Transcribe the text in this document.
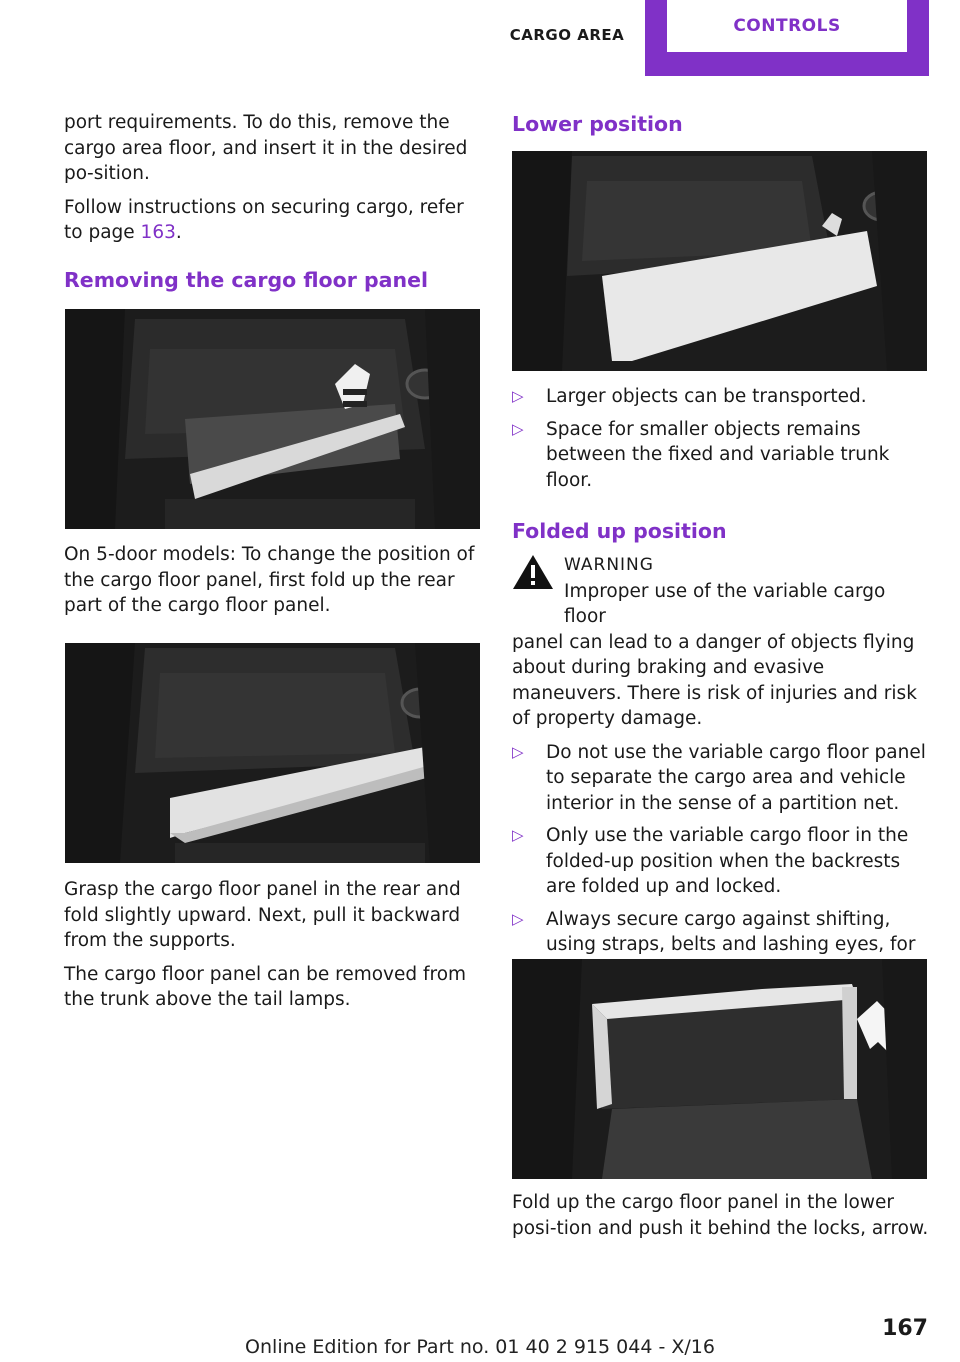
CARGO AREA	CONTROLS

port requirements. To do this, remove the cargo area floor, and insert it in the desired po‐sition.

Follow instructions on securing cargo, refer to page 163.

Removing the cargo floor panel

On 5-door models: To change the position of the cargo floor panel, first fold up the rear part of the cargo floor panel.

Grasp the cargo floor panel in the rear and fold slightly upward. Next, pull it backward from the supports.

The cargo floor panel can be removed from the trunk above the tail lamps.

Lower position
▷ Larger objects can be transported.
▷ Space for smaller objects remains between the fixed and variable trunk floor.
Folded up position
WARNING
Improper use of the variable cargo floor
panel can lead to a danger of objects flying about during braking and evasive maneuvers. There is risk of injuries and risk of property damage.
▷ Do not use the variable cargo floor panel to separate the cargo area and vehicle interior in the sense of a partition net.
▷ Only use the variable cargo floor in the folded-up position when the backrests are folded up and locked.
▷ Always secure cargo against shifting, using straps, belts and lashing eyes, for

Fold up the cargo floor panel in the lower posi‐tion and push it behind the locks, arrow.

167
Online Edition for Part no. 01 40 2 915 044 - X/16
